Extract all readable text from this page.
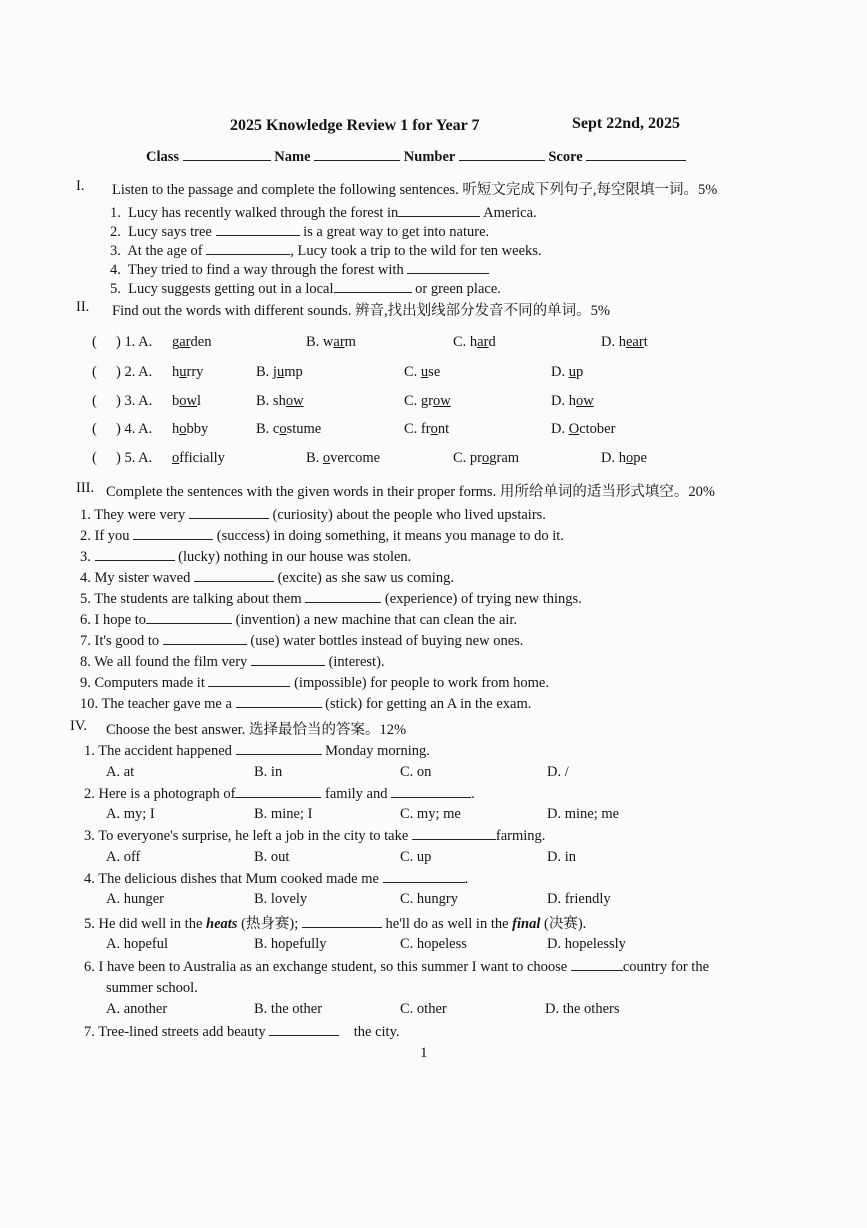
2025 Knowledge Review 1 for Year 7	Sept 22nd, 2025
Class	Name	Number	Score
I. Listen to the passage and complete the following sentences. 听短文完成下列句子,每空限填一词。5%
1. Lucy has recently walked through the forest in	America.
2. Lucy says tree	is a great way to get into nature.
3. At the age of	, Lucy took a trip to the wild for ten weeks.
4. They tried to find a way through the forest with
5. Lucy suggests getting out in a local	or green place.
II. Find out the words with different sounds. 辨音,找出划线部分发音不同的单词。5%
( ) 1. A. garden	B. warm	C. hard	D. heart
( ) 2. A. hurry	B. jump	C. use	D. up
( ) 3. A. bowl	B. show	C. grow	D. how
( ) 4. A. hobby	B. costume	C. front	D. October
( ) 5. A. officially	B. overcome	C. program	D. hope
III. Complete the sentences with the given words in their proper forms. 用所给单词的适当形式填空。20%
1. They were very	(curiosity) about the people who lived upstairs.
2. If you	(success) in doing something, it means you manage to do it.
3.	(lucky) nothing in our house was stolen.
4. My sister waved	(excite) as she saw us coming.
5. The students are talking about them	(experience) of trying new things.
6. I hope to	(invention) a new machine that can clean the air.
7. It's good to	(use) water bottles instead of buying new ones.
8. We all found the film very	(interest).
9. Computers made it	(impossible) for people to work from home.
10. The teacher gave me a	(stick) for getting an A in the exam.
IV. Choose the best answer. 选择最恰当的答案。12%
1. The accident happened	Monday morning.
A. at	B. in	C. on	D. /
2. Here is a photograph of	family and	.
A. my; I	B. mine; I	C. my; me	D. mine; me
3. To everyone's surprise, he left a job in the city to take	farming.
A. off	B. out	C. up	D. in
4. The delicious dishes that Mum cooked made me	.
A. hunger	B. lovely	C. hungry	D. friendly
5. He did well in the heats (热身赛);	he'll do as well in the final (决赛).
A. hopeful	B. hopefully	C. hopeless	D. hopelessly
6. I have been to Australia as an exchange student, so this summer I want to choose	country for the
summer school.
A. another	B. the other	C. other	D. the others
7. Tree-lined streets add beauty	the city.
1
